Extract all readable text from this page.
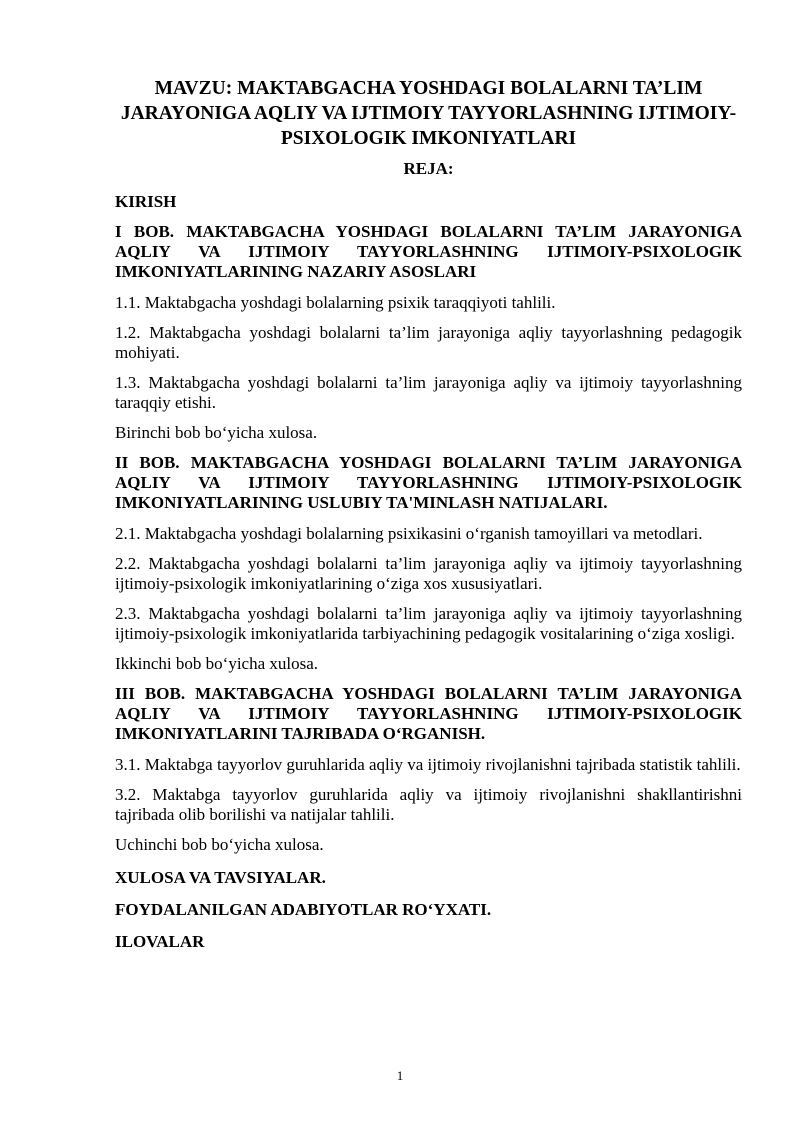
MAVZU: MAKTABGACHA YOSHDAGI BOLALARNI TA’LIM JARAYONIGA AQLIY VA IJTIMOIY TAYYORLASHNING IJTIMOIY-PSIXOLOGIK IMKONIYATLARI

REJA:

KIRISH

I BOB. MAKTABGACHA YOSHDAGI BOLALARNI TA’LIM JARAYONIGA AQLIY VA IJTIMOIY TAYYORLASHNING IJTIMOIY-PSIXOLOGIK IMKONIYATLARINING NAZARIY ASOSLARI

1.1. Maktabgacha yoshdagi bolalarning psixik taraqqiyoti tahlili.

1.2. Maktabgacha yoshdagi bolalarni ta’lim jarayoniga aqliy tayyorlashning pedagogik mohiyati.

1.3. Maktabgacha yoshdagi bolalarni ta’lim jarayoniga aqliy va ijtimoiy tayyorlashning taraqqiy etishi.

Birinchi bob bo‘yicha xulosa.

II BOB. MAKTABGACHA YOSHDAGI BOLALARNI TA’LIM JARAYONIGA AQLIY VA IJTIMOIY TAYYORLASHNING IJTIMOIY-PSIXOLOGIK IMKONIYATLARINING USLUBIY TA'MINLASH NATIJALARI.

2.1. Maktabgacha yoshdagi bolalarning psixikasini o‘rganish tamoyillari va metodlari.

2.2. Maktabgacha yoshdagi bolalarni ta’lim jarayoniga aqliy va ijtimoiy tayyorlashning ijtimoiy-psixologik imkoniyatlarining o‘ziga xos xususiyatlari.

2.3. Maktabgacha yoshdagi bolalarni ta’lim jarayoniga aqliy va ijtimoiy tayyorlashning ijtimoiy-psixologik imkoniyatlarida tarbiyachining pedagogik vositalarining o‘ziga xosligi.

Ikkinchi bob bo‘yicha xulosa.

III BOB. MAKTABGACHA YOSHDAGI BOLALARNI TA’LIM JARAYONIGA AQLIY VA IJTIMOIY TAYYORLASHNING IJTIMOIY-PSIXOLOGIK IMKONIYATLARINI TAJRIBADA O‘RGANISH.

3.1. Maktabga tayyorlov guruhlarida aqliy va ijtimoiy rivojlanishni tajribada statistik tahlili.

3.2. Maktabga tayyorlov guruhlarida aqliy va ijtimoiy rivojlanishni shakllantirishni tajribada olib borilishi va natijalar tahlili.

Uchinchi bob bo‘yicha xulosa.

XULOSA VA TAVSIYALAR.

FOYDALANILGAN ADABIYOTLAR RO‘YXATI.

ILOVALAR

1
